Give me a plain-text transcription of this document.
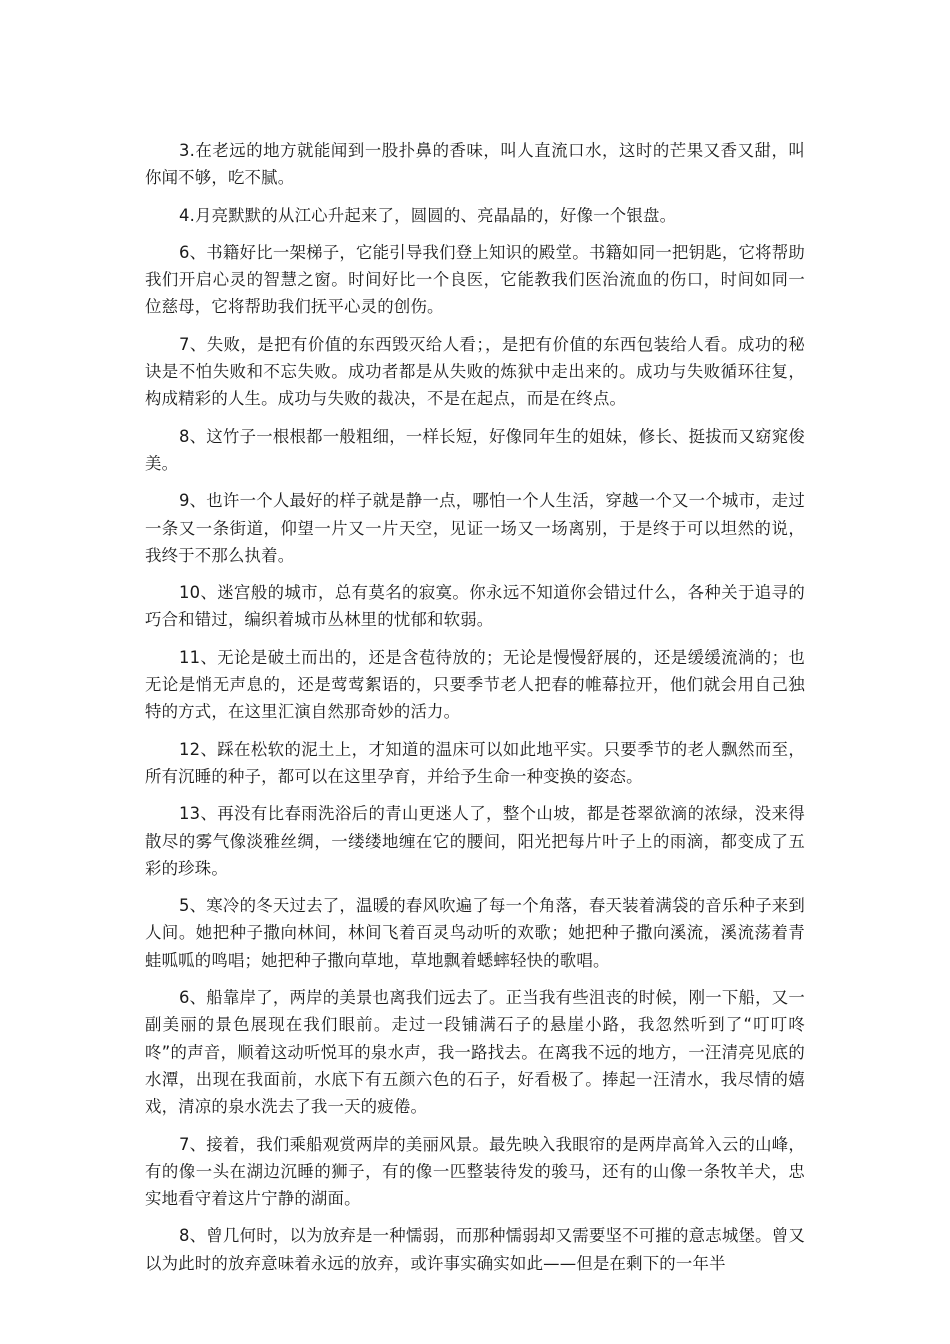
3.在老远的地方就能闻到一股扑鼻的香味，叫人直流口水，这时的芒果又香又甜，叫你闻不够，吃不腻。

4.月亮默默的从江心升起来了，圆圆的、亮晶晶的，好像一个银盘。

6、书籍好比一架梯子，它能引导我们登上知识的殿堂。书籍如同一把钥匙，它将帮助我们开启心灵的智慧之窗。时间好比一个良医，它能教我们医治流血的伤口，时间如同一位慈母，它将帮助我们抚平心灵的创伤。

7、失败，是把有价值的东西毁灭给人看；，是把有价值的东西包装给人看。成功的秘诀是不怕失败和不忘失败。成功者都是从失败的炼狱中走出来的。成功与失败循环往复，构成精彩的人生。成功与失败的裁决，不是在起点，而是在终点。

8、这竹子一根根都一般粗细，一样长短，好像同年生的姐妹，修长、挺拔而又窈窕俊美。

9、也许一个人最好的样子就是静一点，哪怕一个人生活，穿越一个又一个城市，走过一条又一条街道，仰望一片又一片天空，见证一场又一场离别，于是终于可以坦然的说，我终于不那么执着。

10、迷宫般的城市，总有莫名的寂寞。你永远不知道你会错过什么，各种关于追寻的巧合和错过，编织着城市丛林里的忧郁和软弱。

11、无论是破土而出的，还是含苞待放的；无论是慢慢舒展的，还是缓缓流淌的；也无论是悄无声息的，还是莺莺絮语的，只要季节老人把春的帷幕拉开，他们就会用自己独特的方式，在这里汇演自然那奇妙的活力。

12、踩在松软的泥土上，才知道的温床可以如此地平实。只要季节的老人飘然而至，所有沉睡的种子，都可以在这里孕育，并给予生命一种变换的姿态。

13、再没有比春雨洗浴后的青山更迷人了，整个山坡，都是苍翠欲滴的浓绿，没来得散尽的雾气像淡雅丝绸，一缕缕地缠在它的腰间，阳光把每片叶子上的雨滴，都变成了五彩的珍珠。

5、寒冷的冬天过去了，温暖的春风吹遍了每一个角落，春天装着满袋的音乐种子来到人间。她把种子撒向林间，林间飞着百灵鸟动听的欢歌；她把种子撒向溪流，溪流荡着青蛙呱呱的鸣唱；她把种子撒向草地，草地飘着蟋蟀轻快的歌唱。

6、船靠岸了，两岸的美景也离我们远去了。正当我有些沮丧的时候，刚一下船，又一副美丽的景色展现在我们眼前。走过一段铺满石子的悬崖小路，我忽然听到了“叮叮咚咚”的声音，顺着这动听悦耳的泉水声，我一路找去。在离我不远的地方，一汪清亮见底的水潭，出现在我面前，水底下有五颜六色的石子，好看极了。捧起一汪清水，我尽情的嬉戏，清凉的泉水洗去了我一天的疲倦。

7、接着，我们乘船观赏两岸的美丽风景。最先映入我眼帘的是两岸高耸入云的山峰，有的像一头在湖边沉睡的狮子，有的像一匹整装待发的骏马，还有的山像一条牧羊犬，忠实地看守着这片宁静的湖面。

8、曾几何时，以为放弃是一种懦弱，而那种懦弱却又需要坚不可摧的意志城堡。曾又以为此时的放弃意味着永远的放弃，或许事实确实如此——但是在剩下的一年半
